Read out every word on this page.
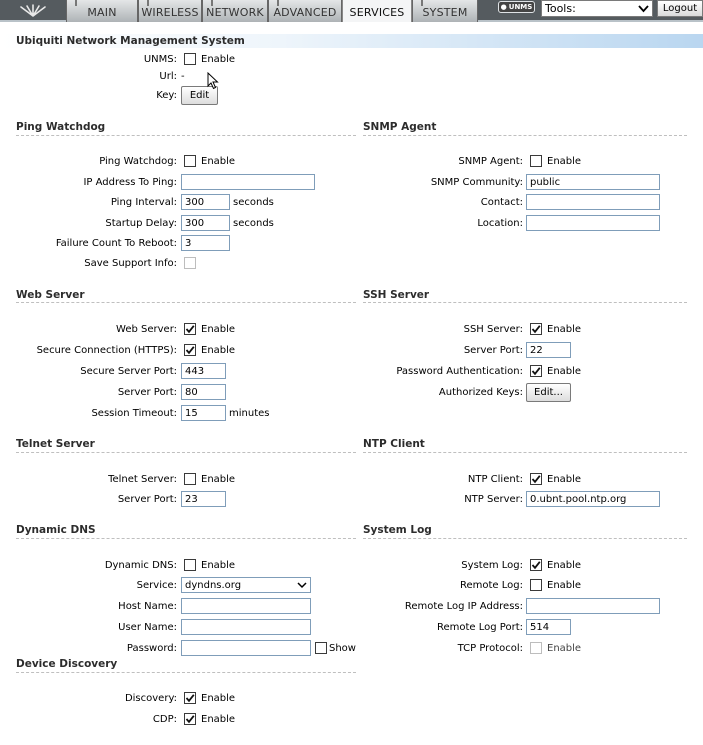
MAIN WIRELESS NETWORK ADVANCED SERVICES SYSTEM	● UNMS Tools:	Logout
Ubiquiti Network Management System
UNMS: Enable
Url: -
Key: Edit
Ping Watchdog
Ping Watchdog: Enable
IP Address To Ping:
Ping Interval: 300	seconds
Startup Delay: 300	seconds
Failure Count To Reboot: 3
Save Support Info:
SNMP Agent
SNMP Agent: Enable
SNMP Community: public
Contact:
Location:
Web Server
Web Server: Enable
Secure Connection (HTTPS): Enable
Secure Server Port: 443
Server Port: 80
Session Timeout: 15	minutes
SSH Server
SSH Server: Enable
Server Port: 22
Password Authentication: Enable
Authorized Keys: Edit...
Telnet Server
Telnet Server: Enable
Server Port: 23
NTP Client
NTP Client: Enable
NTP Server: 0.ubnt.pool.ntp.org
Dynamic DNS
Dynamic DNS: Enable
Service: dyndns.org
Host Name:
User Name:
Password:	Show
System Log
System Log: Enable
Remote Log: Enable
Remote Log IP Address:
Remote Log Port: 514
TCP Protocol: Enable
Device Discovery
Discovery: Enable
CDP: Enable
